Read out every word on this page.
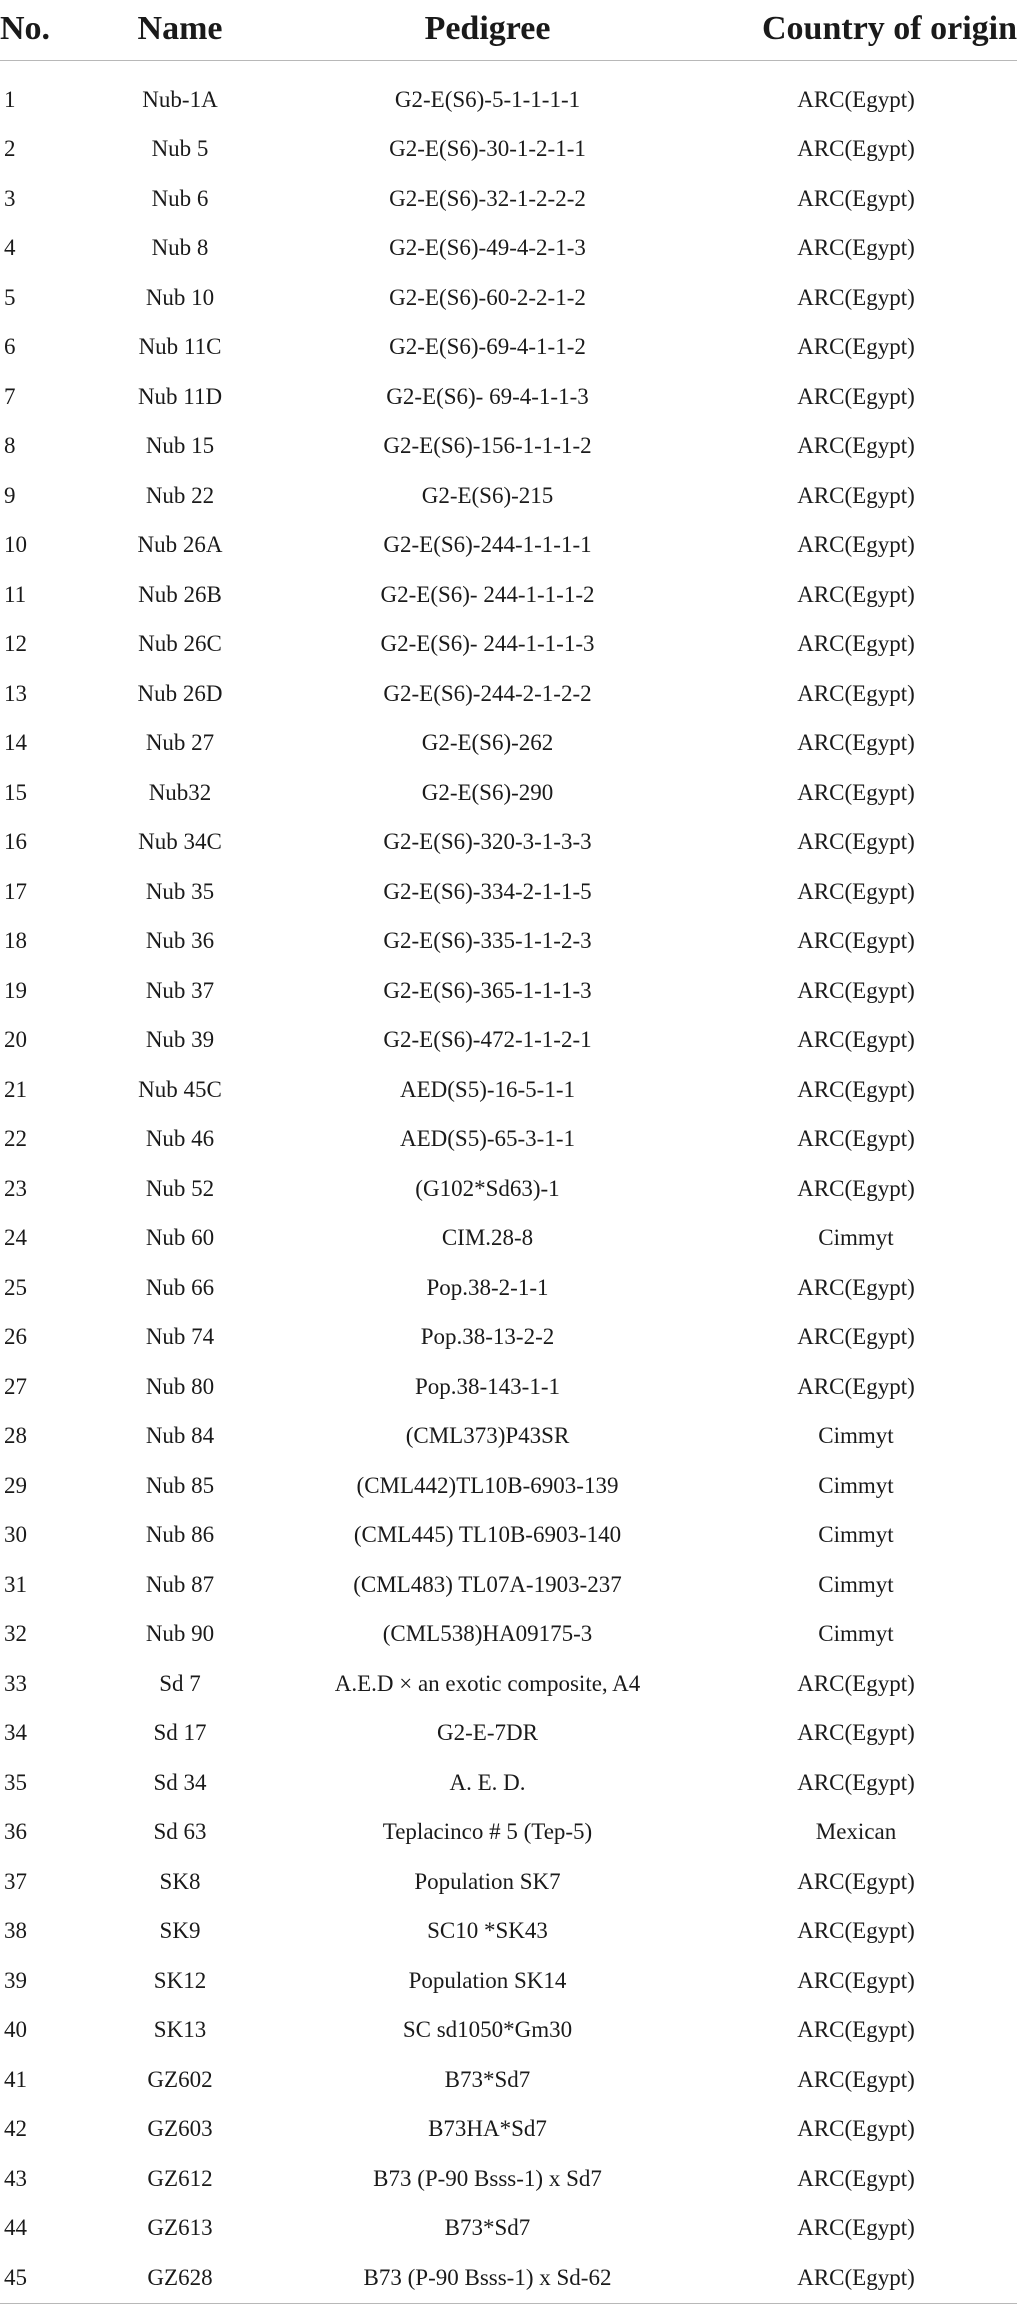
No.	Name	Pedigree	Country of origin

1	Nub-1A	G2-E(S6)-5-1-1-1-1	ARC(Egypt)
2	Nub 5	G2-E(S6)-30-1-2-1-1	ARC(Egypt)
3	Nub 6	G2-E(S6)-32-1-2-2-2	ARC(Egypt)
4	Nub 8	G2-E(S6)-49-4-2-1-3	ARC(Egypt)
5	Nub 10	G2-E(S6)-60-2-2-1-2	ARC(Egypt)
6	Nub 11C	G2-E(S6)-69-4-1-1-2	ARC(Egypt)
7	Nub 11D	G2-E(S6)- 69-4-1-1-3	ARC(Egypt)
8	Nub 15	G2-E(S6)-156-1-1-1-2	ARC(Egypt)
9	Nub 22	G2-E(S6)-215	ARC(Egypt)
10	Nub 26A	G2-E(S6)-244-1-1-1-1	ARC(Egypt)
11	Nub 26B	G2-E(S6)- 244-1-1-1-2	ARC(Egypt)
12	Nub 26C	G2-E(S6)- 244-1-1-1-3	ARC(Egypt)
13	Nub 26D	G2-E(S6)-244-2-1-2-2	ARC(Egypt)
14	Nub 27	G2-E(S6)-262	ARC(Egypt)
15	Nub32	G2-E(S6)-290	ARC(Egypt)
16	Nub 34C	G2-E(S6)-320-3-1-3-3	ARC(Egypt)
17	Nub 35	G2-E(S6)-334-2-1-1-5	ARC(Egypt)
18	Nub 36	G2-E(S6)-335-1-1-2-3	ARC(Egypt)
19	Nub 37	G2-E(S6)-365-1-1-1-3	ARC(Egypt)
20	Nub 39	G2-E(S6)-472-1-1-2-1	ARC(Egypt)
21	Nub 45C	AED(S5)-16-5-1-1	ARC(Egypt)
22	Nub 46	AED(S5)-65-3-1-1	ARC(Egypt)
23	Nub 52	(G102*Sd63)-1	ARC(Egypt)
24	Nub 60	CIM.28-8	Cimmyt
25	Nub 66	Pop.38-2-1-1	ARC(Egypt)
26	Nub 74	Pop.38-13-2-2	ARC(Egypt)
27	Nub 80	Pop.38-143-1-1	ARC(Egypt)
28	Nub 84	(CML373)P43SR	Cimmyt
29	Nub 85	(CML442)TL10B-6903-139	Cimmyt
30	Nub 86	(CML445) TL10B-6903-140	Cimmyt
31	Nub 87	(CML483) TL07A-1903-237	Cimmyt
32	Nub 90	(CML538)HA09175-3	Cimmyt
33	Sd 7	A.E.D × an exotic composite, A4	ARC(Egypt)
34	Sd 17	G2-E-7DR	ARC(Egypt)
35	Sd 34	A. E. D.	ARC(Egypt)
36	Sd 63	Teplacinco # 5 (Tep-5)	Mexican
37	SK8	Population SK7	ARC(Egypt)
38	SK9	SC10 *SK43	ARC(Egypt)
39	SK12	Population SK14	ARC(Egypt)
40	SK13	SC sd1050*Gm30	ARC(Egypt)
41	GZ602	B73*Sd7	ARC(Egypt)
42	GZ603	B73HA*Sd7	ARC(Egypt)
43	GZ612	B73 (P-90 Bsss-1) x Sd7	ARC(Egypt)
44	GZ613	B73*Sd7	ARC(Egypt)
45	GZ628	B73 (P-90 Bsss-1) x Sd-62	ARC(Egypt)
